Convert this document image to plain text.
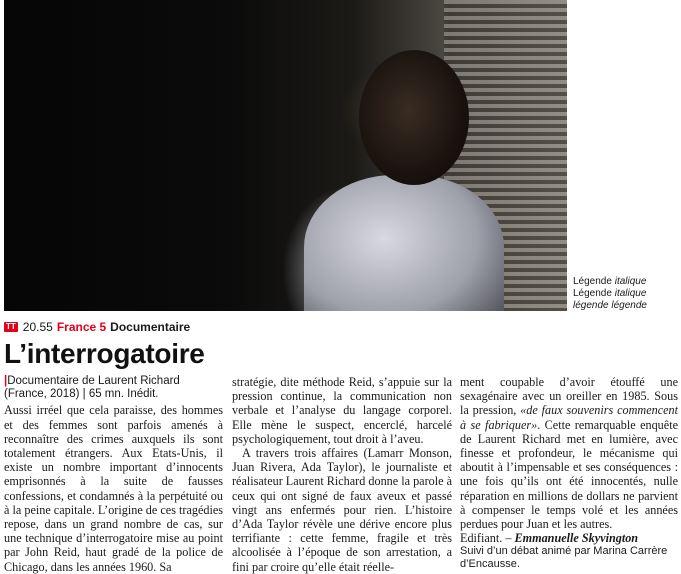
Légende italique
Légende italique
légende légende
TT 20.55 France 5 Documentaire
L’interrogatoire

|Documentaire de Laurent Richard (France, 2018) | 65 mn. Inédit.

Aussi irréel que cela paraisse, des hommes et des femmes sont parfois amenés à reconnaître des crimes auxquels ils sont totalement étrangers. Aux Etats-Unis, il existe un nombre important d’innocents emprisonnés à la suite de fausses confessions, et condamnés à la perpétuité ou à la peine capitale. L’origine de ces tragédies repose, dans un grand nombre de cas, sur une technique d’interrogatoire mise au point par John Reid, haut gradé de la police de Chicago, dans les années 1960. Sa

stratégie, dite méthode Reid, s’appuie sur la pression continue, la communication non verbale et l’analyse du langage corporel. Elle mène le suspect, encerclé, harcelé psychologiquement, tout droit à l’aveu.

A travers trois affaires (Lamarr Monson, Juan Rivera, Ada Taylor), le journaliste et réalisateur Laurent Richard donne la parole à ceux qui ont signé de faux aveux et passé vingt ans enfermés pour rien. L’histoire d’Ada Taylor révèle une dérive encore plus terrifiante : cette femme, fragile et très alcoolisée à l’époque de son arrestation, a fini par croire qu’elle était réelle-

ment coupable d’avoir étouffé une sexagénaire avec un oreiller en 1985. Sous la pression, «de faux souvenirs commencent à se fabriquer». Cette remarquable enquête de Laurent Richard met en lumière, avec finesse et profondeur, le mécanisme qui aboutit à l’impensable et ses conséquences : une fois qu’ils ont été innocentés, nulle réparation en millions de dollars ne parvient à compenser le temps volé et les années perdues pour Juan et les autres.

Edifiant. – Emmanuelle Skyvington

Suivi d’un débat animé par Marina Carrère d’Encausse.
